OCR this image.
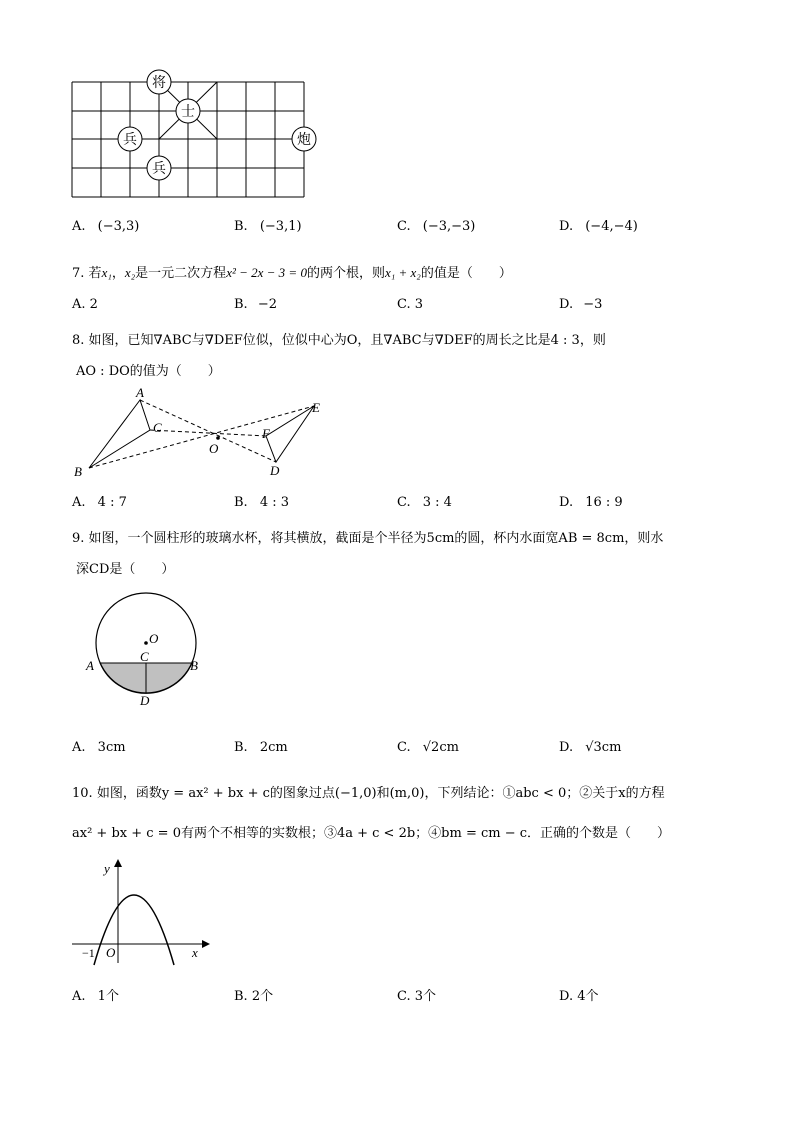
将
士
兵
兵
炮
A. (−3,3)	B. (−3,1)	C. (−3,−3)	D. (−4,−4)
7. 若x₁，x₂是一元二次方程x² − 2x − 3 = 0的两个根，则x₁ + x₂的值是（　　）
A. 2	B. −2	C. 3	D. −3
8. 如图，已知∇ABC与∇DEF位似，位似中心为O，且∇ABC与∇DEF的周长之比是4 : 3，则
AO : DO的值为（　　）
A
B
C
O
E
F
D
A. 4 : 7	B. 4 : 3	C. 3 : 4	D. 16 : 9
9. 如图，一个圆柱形的玻璃水杯，将其横放，截面是个半径为5cm的圆，杯内水面宽AB = 8cm，则水
深CD是（　　）
O
C
A	B
D
A. 3cm	B. 2cm	C. √2cm	D. √3cm
10. 如图，函数y = ax² + bx + c的图象过点(−1,0)和(m,0)，下列结论：①abc < 0；②关于x的方程
ax² + bx + c = 0有两个不相等的实数根；③4a + c < 2b；④bm = cm − c．正确的个数是（　　）
y
x
O
−1
A. 1个	B. 2个	C. 3个	D. 4个
